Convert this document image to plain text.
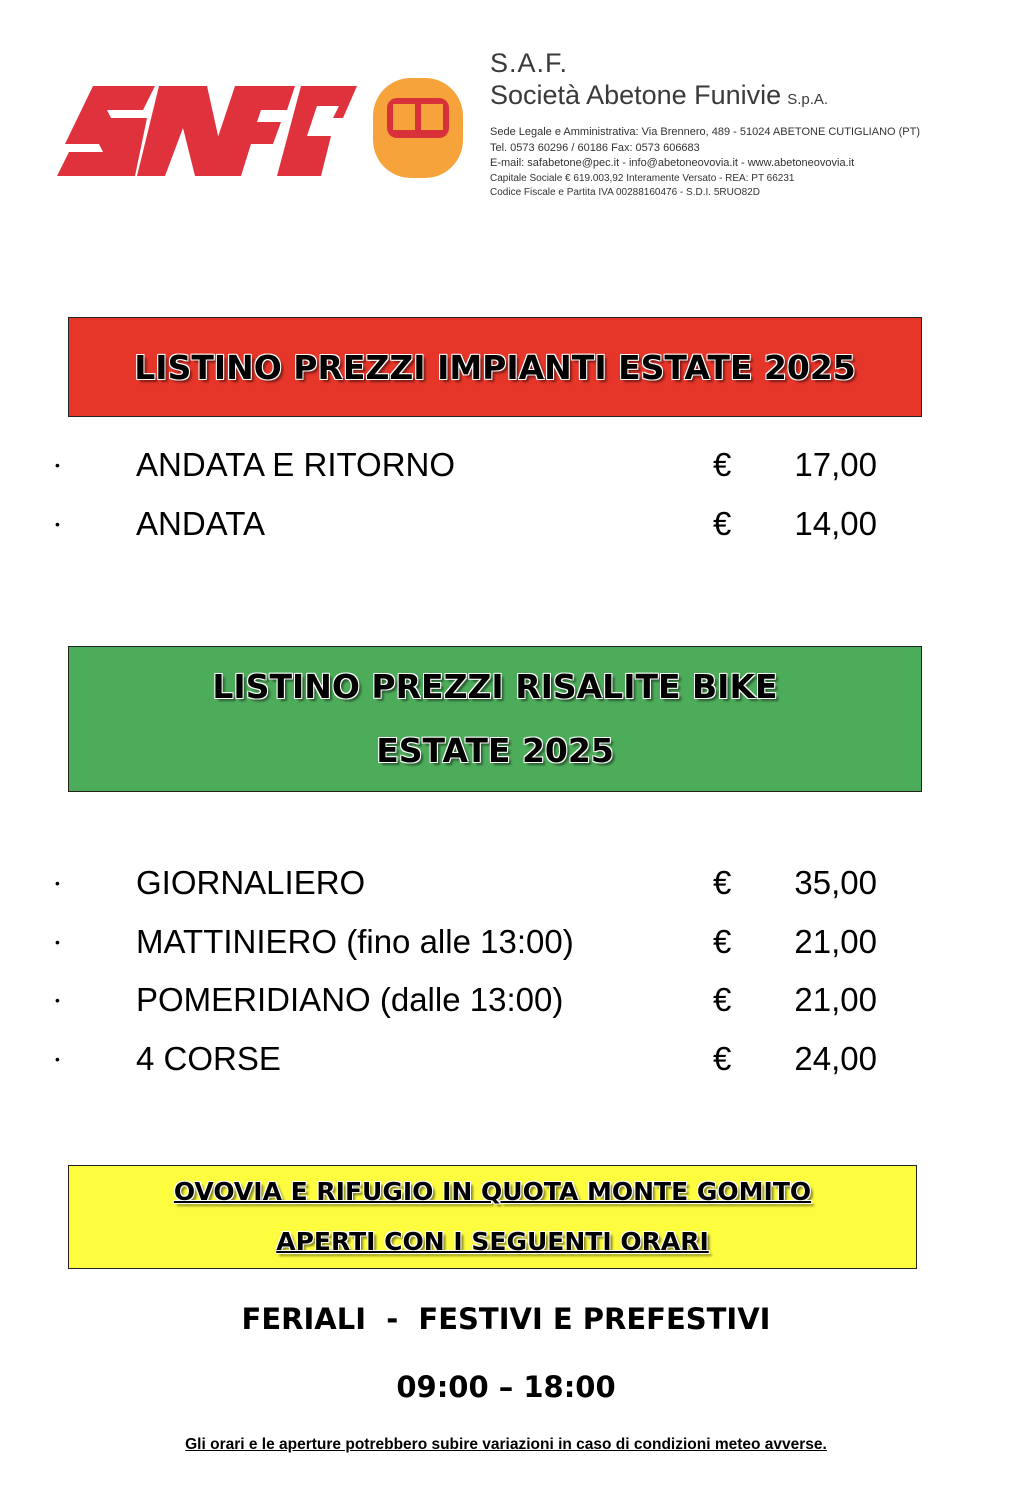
S.A.F.
Società Abetone Funivie S.p.A.
Sede Legale e Amministrativa: Via Brennero, 489 - 51024 ABETONE CUTIGLIANO (PT)
Tel. 0573 60296 / 60186 Fax: 0573 606683
E-mail: safabetone@pec.it - info@abetoneovovia.it - www.abetoneovovia.it
Capitale Sociale € 619.003,92 Interamente Versato - REA: PT 66231
Codice Fiscale e Partita IVA 00288160476 - S.D.I. 5RUO82D
LISTINO PREZZI IMPIANTI ESTATE 2025
• ANDATA E RITORNO	€ 17,00
• ANDATA	€ 14,00
LISTINO PREZZI RISALITE BIKE
ESTATE 2025
• GIORNALIERO	€ 35,00
• MATTINIERO (fino alle 13:00)	€ 21,00
• POMERIDIANO (dalle 13:00)	€ 21,00
• 4 CORSE	€ 24,00
OVOVIA E RIFUGIO IN QUOTA MONTE GOMITO
APERTI CON I SEGUENTI ORARI
FERIALI  -  FESTIVI E PREFESTIVI
09:00 – 18:00
Gli orari e le aperture potrebbero subire variazioni in caso di condizioni meteo avverse.
